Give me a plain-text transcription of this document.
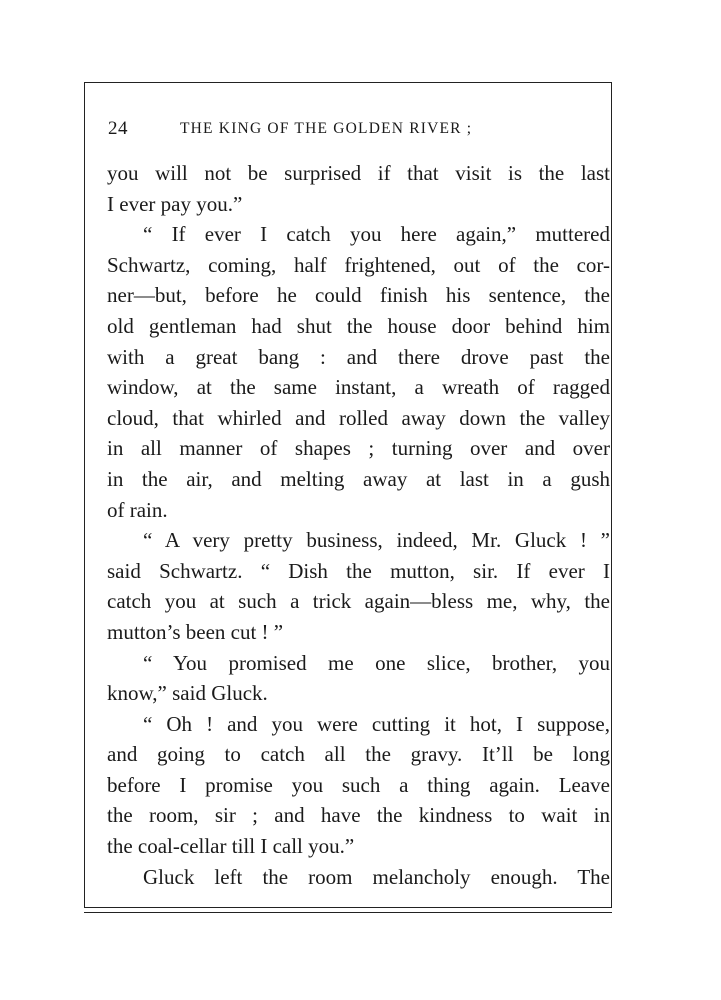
24	THE KING OF THE GOLDEN RIVER ;
you will not be surprised if that visit is the last
I ever pay you.”
“ If ever I catch you here again,” muttered
Schwartz, coming, half frightened, out of the cor-
ner—but, before he could finish his sentence, the
old gentleman had shut the house door behind him
with a great bang : and there drove past the
window, at the same instant, a wreath of ragged
cloud, that whirled and rolled away down the valley
in all manner of shapes ; turning over and over
in the air, and melting away at last in a gush
of rain.
“ A very pretty business, indeed, Mr. Gluck ! ”
said Schwartz. “ Dish the mutton, sir. If ever I
catch you at such a trick again—bless me, why, the
mutton’s been cut ! ”
“ You promised me one slice, brother, you
know,” said Gluck.
“ Oh ! and you were cutting it hot, I suppose,
and going to catch all the gravy. It’ll be long
before I promise you such a thing again. Leave
the room, sir ; and have the kindness to wait in
the coal-cellar till I call you.”
Gluck left the room melancholy enough. The
